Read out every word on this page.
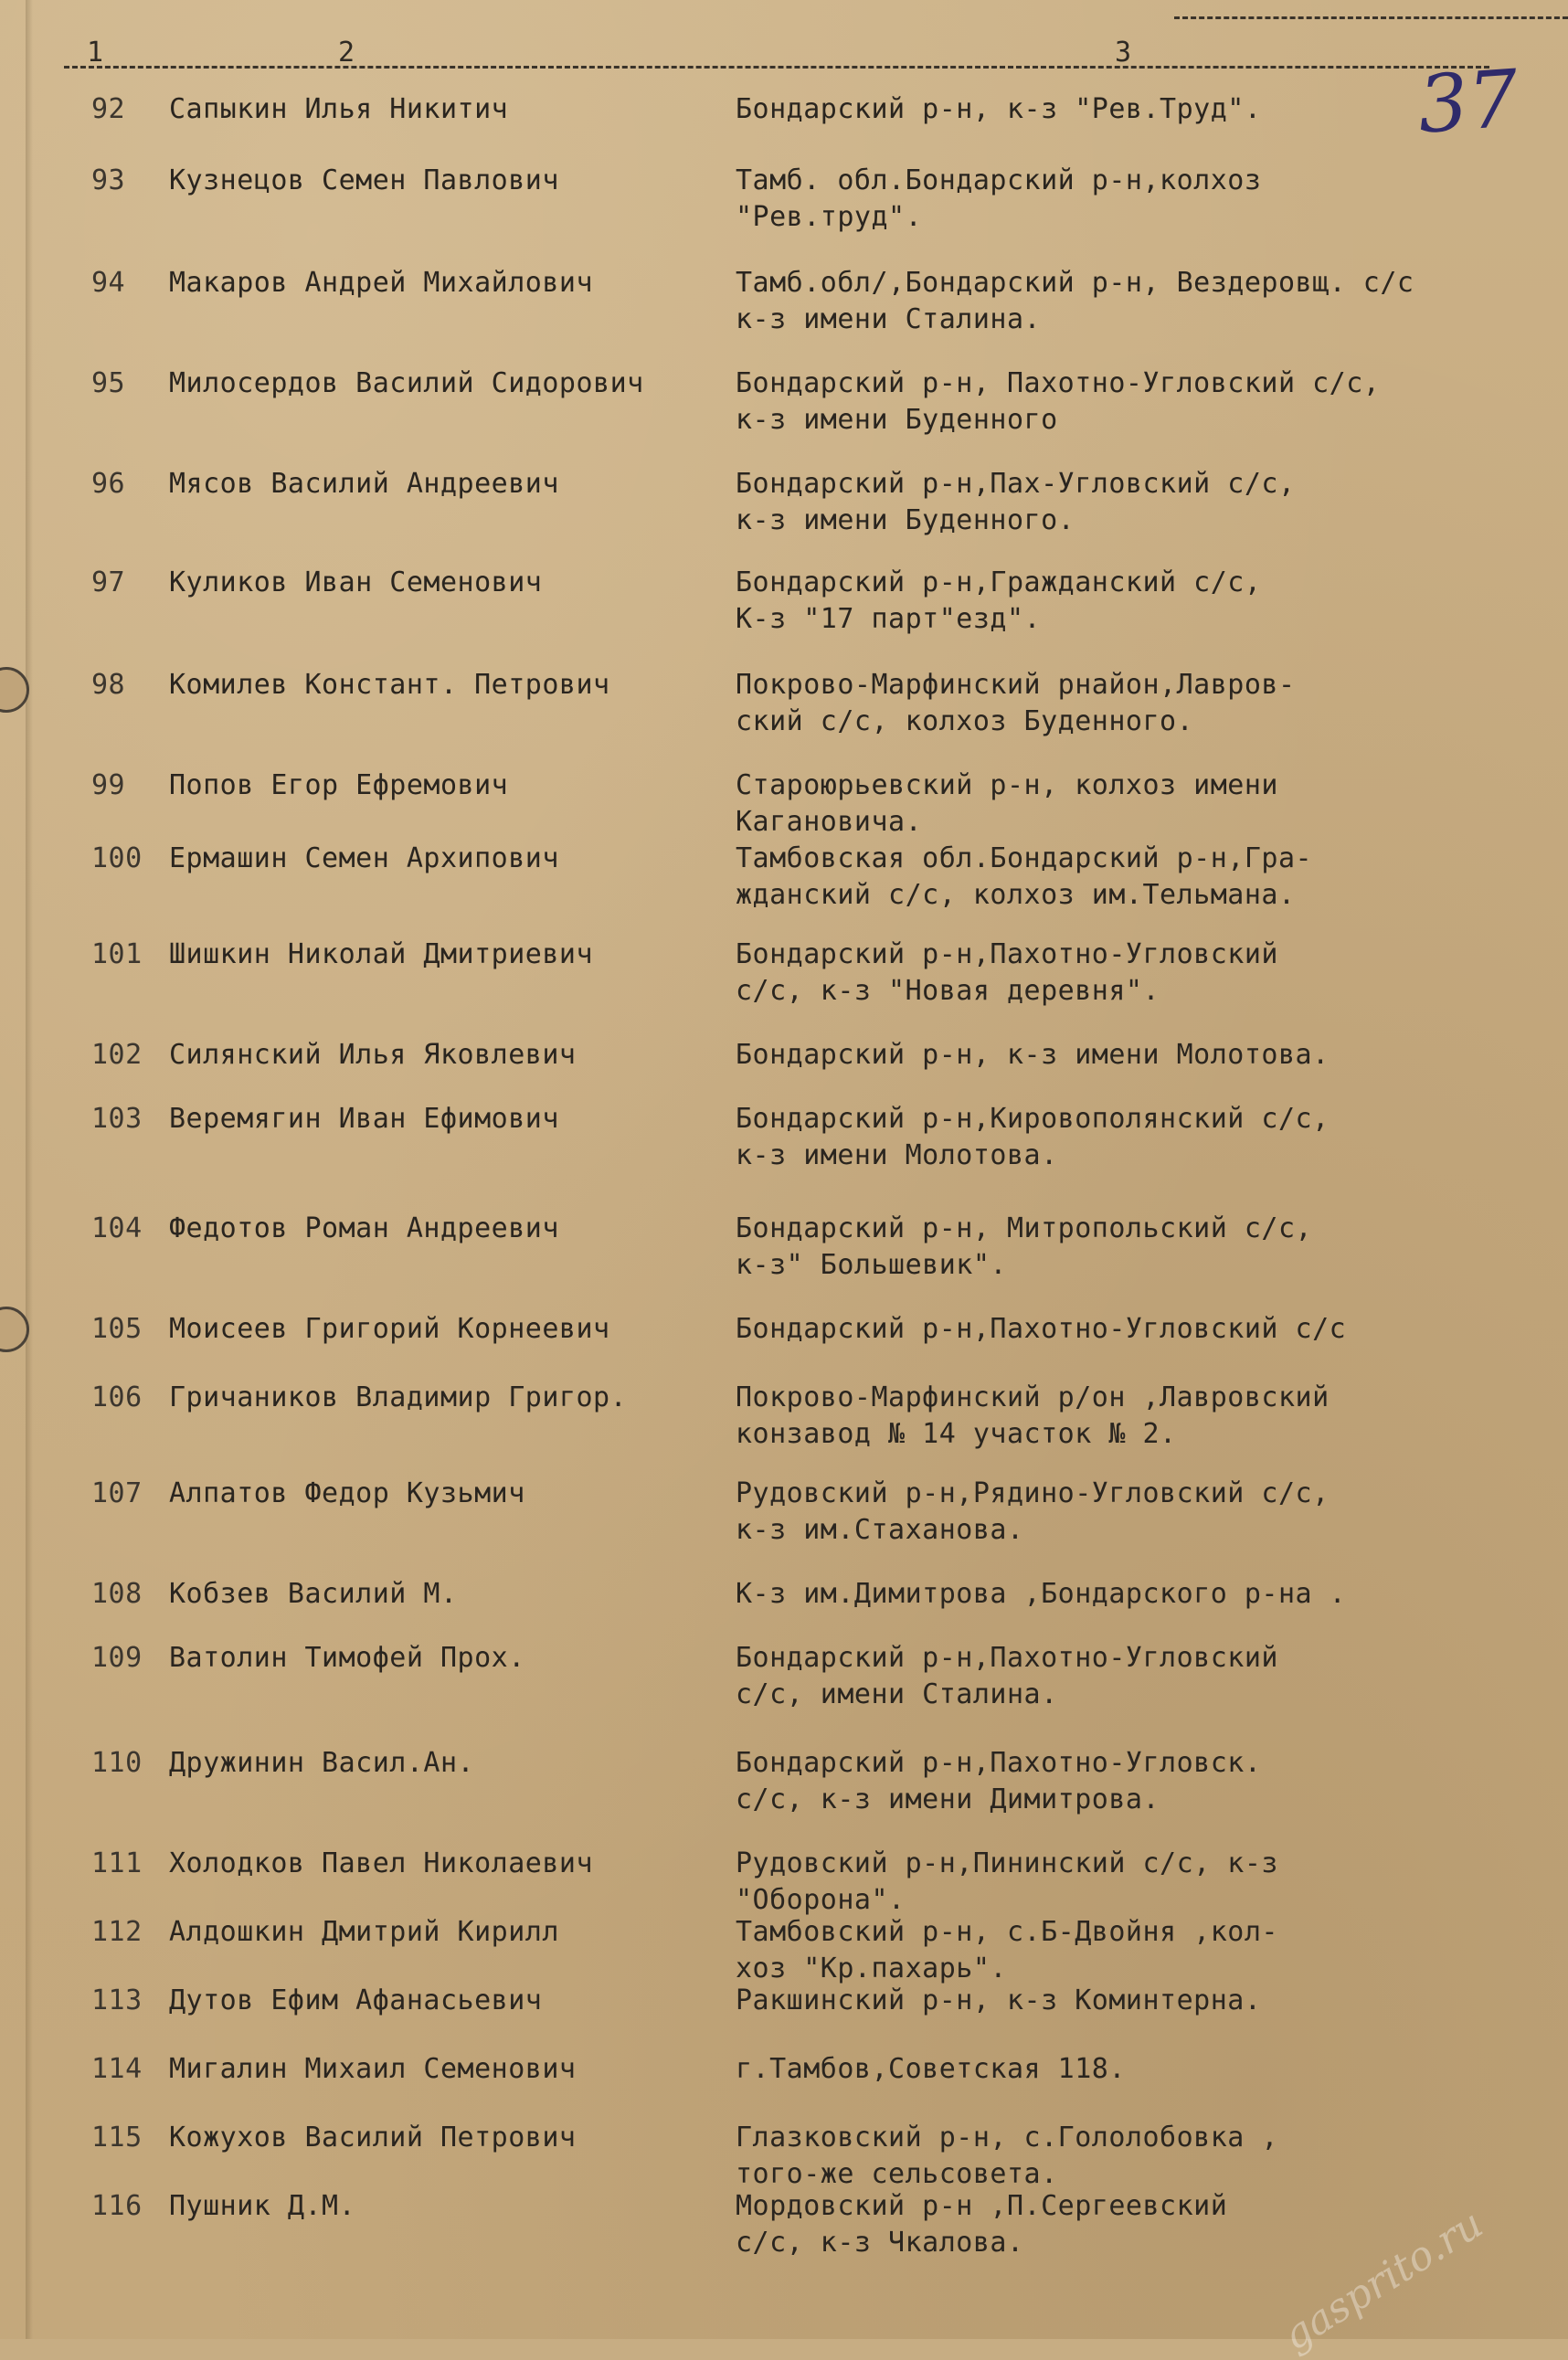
1	2	3
37
92	Сапыкин Илья Никитич	Бондарский р-н, к-з "Рев.Труд".
93	Кузнецов Семен Павлович	Тамб. обл.Бондарский р-н,колхоз
"Рев.труд".
94	Макаров Андрей Михайлович	Тамб.обл/,Бондарский р-н, Вездеровщ. с/с
к-з имени Сталина.
95	Милосердов Василий Сидорович	Бондарский р-н, Пахотно-Угловский с/с,
к-з имени Буденного
96	Мясов Василий Андреевич	Бондарский р-н,Пах-Угловский с/с,
к-з имени Буденного.
97	Куликов Иван Семенович	Бондарский р-н,Гражданский с/с,
К-з "17 парт"езд".
98	Комилев Констант. Петрович	Покрово-Марфинский рнайон,Лавров-
ский с/с, колхоз Буденного.
99	Попов Егор Ефремович	Староюрьевский р-н, колхоз имени
Кагановича.
100 Ермашин Семен Архипович	Тамбовская обл.Бондарский р-н,Гра-
жданский с/с, колхоз им.Тельмана.
101 Шишкин Николай Дмитриевич	Бондарский р-н,Пахотно-Угловский
с/с, к-з "Новая деревня".
102 Силянский Илья Яковлевич	Бондарский р-н, к-з имени Молотова.
103 Веремягин Иван Ефимович	Бондарский р-н,Кировополянский с/с,
к-з имени Молотова.
104 Федотов Роман Андреевич	Бондарский р-н, Митропольский с/с,
к-з" Большевик".
105 Моисеев Григорий Корнеевич	Бондарский р-н,Пахотно-Угловский с/с
106 Гричаников Владимир Григор.	Покрово-Марфинский р/он ,Лавровский
конзавод № 14 участок № 2.
107 Алпатов Федор Кузьмич	Рудовский р-н,Рядино-Угловский с/с,
к-з им.Стаханова.
108 Кобзев Василий М.	К-з им.Димитрова ,Бондарского р-на .
109 Ватолин Тимофей Прох.	Бондарский р-н,Пахотно-Угловский
с/с, имени Сталина.
110 Дружинин Васил.Ан.	Бондарский р-н,Пахотно-Угловск.
с/с, к-з имени Димитрова.
111 Холодков Павел Николаевич	Рудовский р-н,Пининский с/с, к-з
"Оборона".
112 Алдошкин Дмитрий Кирилл	Тамбовский р-н, с.Б-Двойня ,кол-
хоз "Кр.пахарь".
113 Дутов Ефим Афанасьевич	Ракшинский р-н, к-з Коминтерна.
114 Мигалин Михаил Семенович	г.Тамбов,Советская 118.
115 Кожухов Василий Петрович	Глазковский р-н, с.Гололобовка ,
того-же сельсовета.
116 Пушник Д.М.	Мордовский р-н ,П.Сергеевский
с/с, к-з Чкалова.	gasprito.ru
